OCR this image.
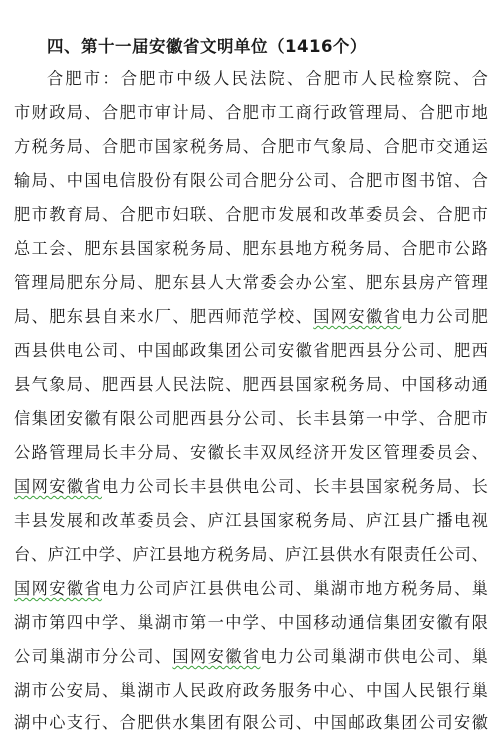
四、第十一届安徽省文明单位（1416个）
合肥市：合肥市中级人民法院、合肥市人民检察院、合
市财政局、合肥市审计局、合肥市工商行政管理局、合肥市地
方税务局、合肥市国家税务局、合肥市气象局、合肥市交通运
输局、中国电信股份有限公司合肥分公司、合肥市图书馆、合
肥市教育局、合肥市妇联、合肥市发展和改革委员会、合肥市
总工会、肥东县国家税务局、肥东县地方税务局、合肥市公路
管理局肥东分局、肥东县人大常委会办公室、肥东县房产管理
局、肥东县自来水厂、肥西师范学校、国网安徽省电力公司肥
西县供电公司、中国邮政集团公司安徽省肥西县分公司、肥西
县气象局、肥西县人民法院、肥西县国家税务局、中国移动通
信集团安徽有限公司肥西县分公司、长丰县第一中学、合肥市
公路管理局长丰分局、安徽长丰双凤经济开发区管理委员会、
国网安徽省电力公司长丰县供电公司、长丰县国家税务局、长
丰县发展和改革委员会、庐江县国家税务局、庐江县广播电视
台、庐江中学、庐江县地方税务局、庐江县供水有限责任公司、
国网安徽省电力公司庐江县供电公司、巢湖市地方税务局、巢
湖市第四中学、巢湖市第一中学、中国移动通信集团安徽有限
公司巢湖市分公司、国网安徽省电力公司巢湖市供电公司、巢
湖市公安局、巢湖市人民政府政务服务中心、中国人民银行巢
湖中心支行、合肥供水集团有限公司、中国邮政集团公司安徽
